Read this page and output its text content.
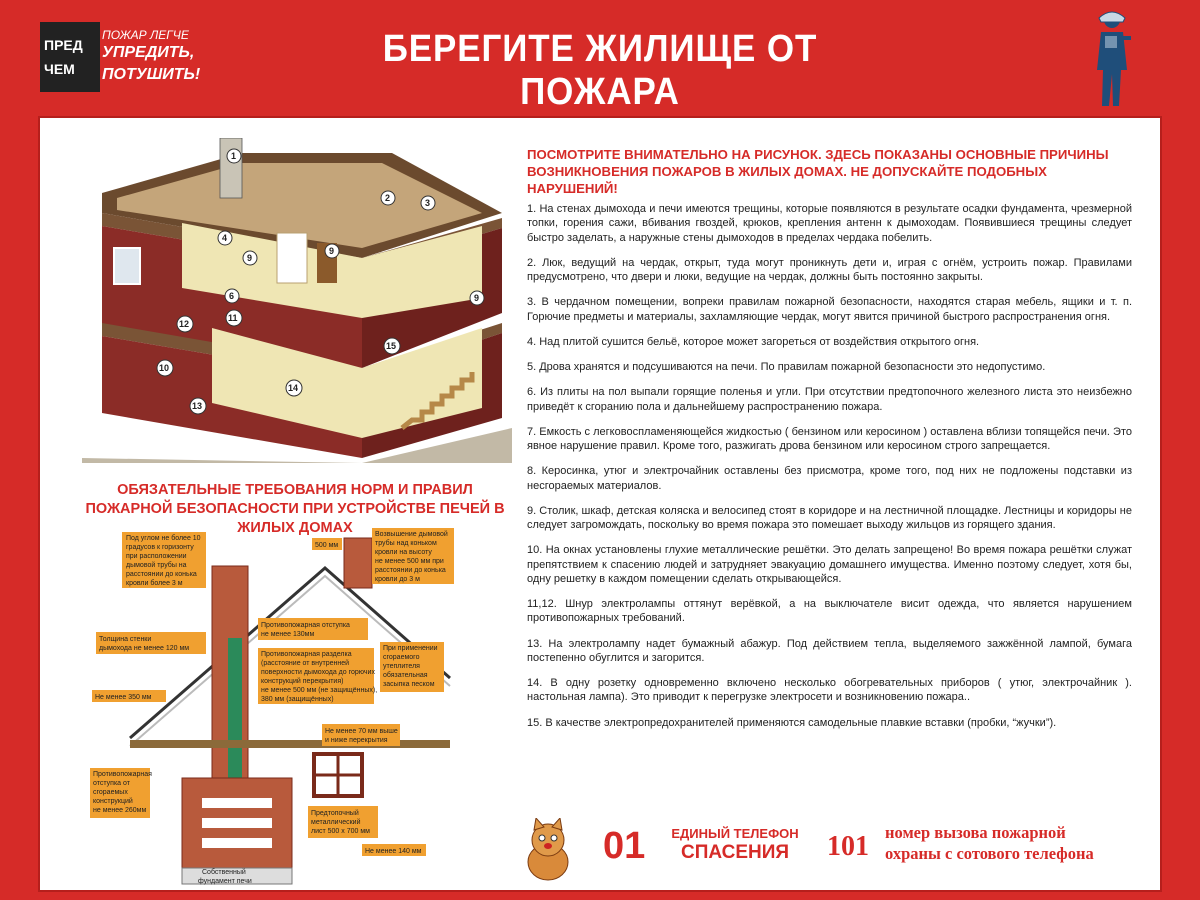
ПРЕД
ЧЕМ
ПОЖАР ЛЕГЧЕ
УПРЕДИТЬ,
ПОТУШИТЬ!
БЕРЕГИТЕ ЖИЛИЩЕ ОТ ПОЖАРА
1
2	3
9
9
9
4
6
12
11
10
13
14
15
ОБЯЗАТЕЛЬНЫЕ ТРЕБОВАНИЯ НОРМ И ПРАВИЛ
ПОЖАРНОЙ БЕЗОПАСНОСТИ ПРИ УСТРОЙСТВЕ ПЕЧЕЙ В ЖИЛЫХ ДОМАХ
Под углом не более 10
градусов к горизонту
при расположении
дымовой трубы на
расстоянии до конька
кровли более 3 м
500 мм
Возвышение дымовой
трубы над коньком
кровли на высоту
не менее 500 мм при
расстоянии до конька
кровли до 3 м
Противопожарная отступка
не менее 130мм
Толщина стенки
дымохода не менее 120 мм
Противопожарная разделка
(расстояние от внутренней
поверхности дымохода до горючих
конструкций перекрытия)
не менее 500 мм (не защищённых),
380 мм (защищённых)
При применении
сгораемого
утеплителя
обязательная
засыпка песком
Не менее 350 мм
Не менее 70 мм выше
и ниже перекрытия
Противопожарная
отступка от
сгораемых
конструкций
не менее 260мм	Предтопочный
металлический
лист 500 х 700 мм
Не менее 140 мм
Собственный
фундамент печи
ПОСМОТРИТЕ ВНИМАТЕЛЬНО НА РИСУНОК. ЗДЕСЬ ПОКАЗАНЫ ОСНОВНЫЕ ПРИЧИНЫ ВОЗНИКНОВЕНИЯ ПОЖАРОВ В ЖИЛЫХ ДОМАХ. НЕ ДОПУСКАЙТЕ ПОДОБНЫХ НАРУШЕНИЙ!
1. На стенах дымохода и печи имеются трещины, которые появляются в результате осадки фундамента, чрезмерной топки, горения сажи, вбивания гвоздей, крюков, крепления антенн к дымоходам. Появившиеся трещины следует быстро заделать, а наружные стены дымоходов в пределах чердака побелить.
2. Люк, ведущий на чердак, открыт, туда могут проникнуть дети и, играя с огнём, устроить пожар. Правилами предусмотрено, что двери и люки, ведущие на чердак, должны быть постоянно закрыты.
3. В чердачном помещении, вопреки правилам пожарной безопасности, находятся старая мебель, ящики и т. п. Горючие предметы и материалы, захламляющие чердак, могут явится причиной быстрого распространения огня.
4. Над плитой сушится бельё, которое может загореться от воздействия открытого огня.
5. Дрова хранятся и подсушиваются на печи. По правилам пожарной безопасности это недопустимо.
6. Из плиты на пол выпали горящие поленья и угли. При отсутствии предтопочного железного листа это неизбежно приведёт к сгоранию пола и дальнейшему распространению пожара.
7. Емкость с легковоспламеняющейся жидкостью ( бензином или керосином ) оставлена вблизи топящейся печи. Это явное нарушение правил. Кроме того, разжигать дрова бензином или керосином строго запрещается.
8. Керосинка, утюг и электрочайник оставлены без присмотра, кроме того, под них не подложены подставки из несгораемых материалов.
9. Столик, шкаф, детская коляска и велосипед стоят в коридоре и на лестничной площадке. Лестницы и коридоры не следует загромождать, поскольку во время пожара это помешает выходу жильцов из горящего здания.
10. На окнах установлены глухие металлические решётки. Это делать запрещено! Во время пожара решётки служат препятствием к спасению людей и затрудняет эвакуацию домашнего имущества. Именно поэтому следует, хотя бы, одну решетку в каждом помещении сделать открывающейся.
11,12. Шнур электролампы оттянут верёвкой, а на выключателе висит одежда, что является нарушением противопожарных требований.
13. На электролампу надет бумажный абажур. Под действием тепла, выделяемого зажжённой лампой, бумага постепенно обуглится и загорится.
14. В одну розетку одновременно включено несколько обогревательных приборов ( утюг, электрочайник ). настольная лампа). Это приводит к перегрузке электросети и возникновению пожара..
15. В качестве электропредохранителей применяются самодельные плавкие вставки (пробки, “жучки”).
01 ЕДИНЫЙ ТЕЛЕФОН
СПАСЕНИЯ	101 номер вызова пожарной
охраны с сотового телефона
